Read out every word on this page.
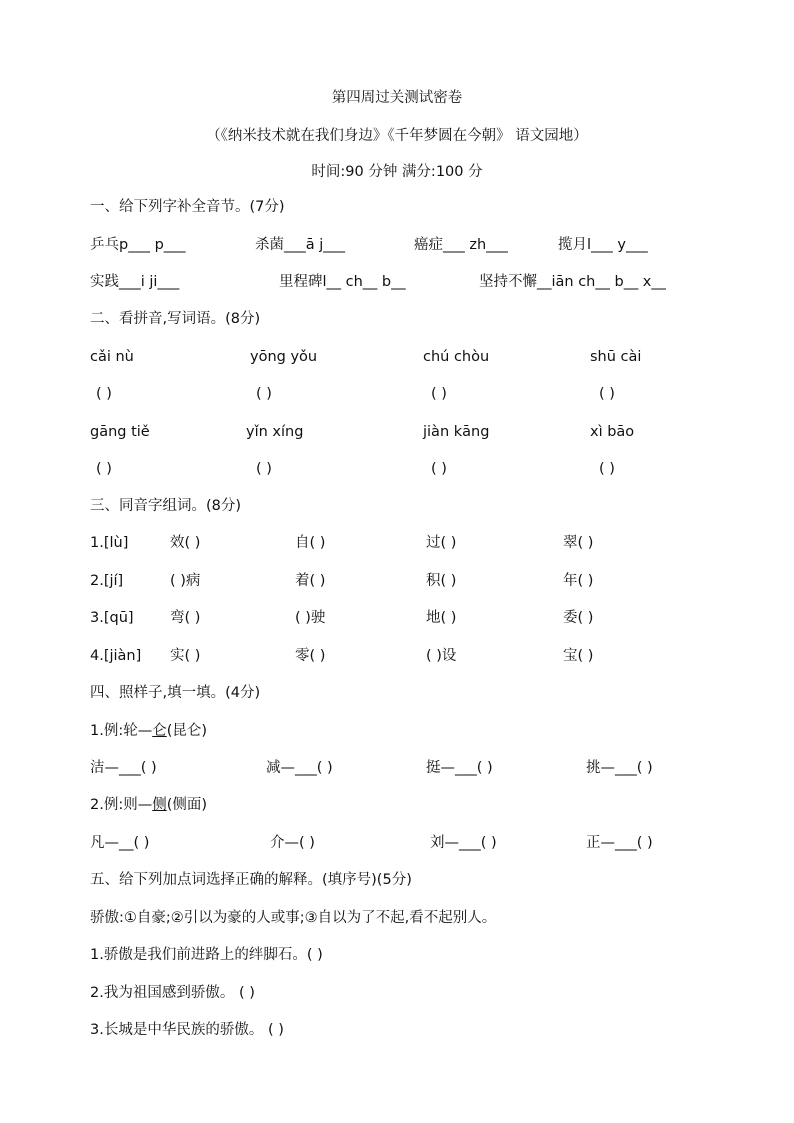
第四周过关测试密卷
（《纳米技术就在我们身边》《千年梦圆在今朝》 语文园地）
时间:90 分钟 满分:100 分
一、给下列字补全音节。(7分)
乒乓p___ p___	杀菌___ā j___	癌症___ zh___	揽月l___ y___
实践___i ji___	里程碑l__ ch__ b__	坚持不懈__iān ch__ b__ x__
二、看拼音,写词语。(8分)
cǎi nù	yōng yǒu	chú chòu	shū cài
( )	( )	( )	( )
gāng tiě	yǐn xíng	jiàn kāng	xì bāo
( )	( )	( )	( )
三、同音字组词。(8分)
1.[lù]	效( )	自( )	过( )	翠( )
2.[jí]	( )病	着( )	积( )	年( )
3.[qū]	弯( )	( )驶	地( )	委( )
4.[jiàn] 实( )	零( )	( )设	宝( )
四、照样子,填一填。(4分)
1.例:轮—仑(昆仑)
洁—___( )	减—___( )	挺—___( )	挑—___( )
2.例:则—侧(侧面)
凡—__( )	介—( )	刘—___( )	正—___( )
五、给下列加点词选择正确的解释。(填序号)(5分)
骄傲:①自豪;②引以为豪的人或事;③自以为了不起,看不起别人。
1.骄傲是我们前进路上的绊脚石。( )
2.我为祖国感到骄傲。 ( )
3.长城是中华民族的骄傲。 ( )
